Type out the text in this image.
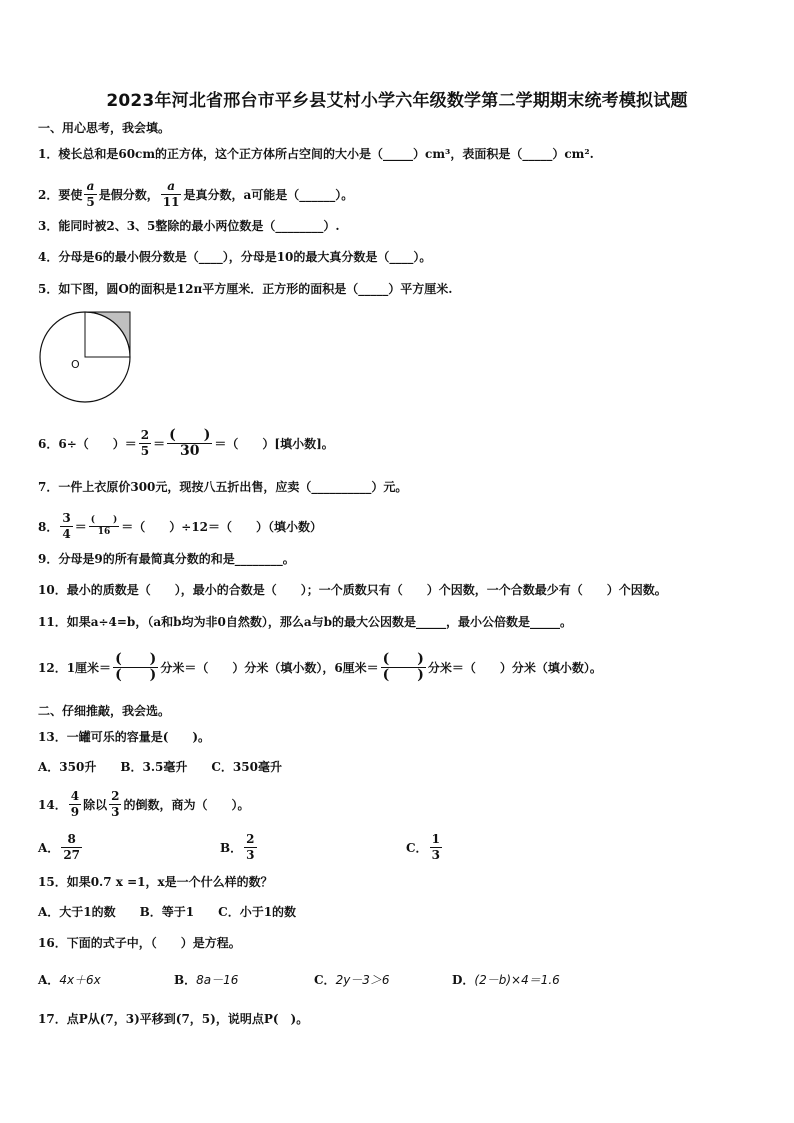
2023年河北省邢台市平乡县艾村小学六年级数学第二学期期末统考模拟试题
一、用心思考，我会填。
1．棱长总和是60cm的正方体，这个正方体所占空间的大小是（_____）cm³，表面积是（_____）cm².
2．要使 $\frac{a}{5}$ 是假分数， $\frac{a}{11}$ 是真分数，a可能是（______）。
3．能同时被2、3、5整除的最小两位数是（________）.
4．分母是6的最小假分数是（____），分母是10的最大真分数是（____）。
5．如下图，圆O的面积是12π平方厘米．正方形的面积是（_____）平方厘米.
O
6．6÷（　　）＝ $\frac{2}{5} = \frac{( )}{30}$ ＝（　　）[填小数]。
7．一件上衣原价300元，现按八五折出售，应卖（__________）元。
8． $\frac{3}{4} = \frac{( )}{16}$ ＝（　　）÷12＝（　　）（填小数）
9．分母是9的所有最简真分数的和是________。
10．最小的质数是（　　），最小的合数是（　　）；一个质数只有（　　）个因数，一个合数最少有（　　）个因数。
11．如果a÷4=b，（a和b均为非0自然数），那么a与b的最大公因数是_____，最小公倍数是_____。
12．1厘米＝ $\frac{( )}{( )}$ 分米＝（　　）分米（填小数），6厘米＝ $\frac{( )}{( )}$ 分米＝（　　）分米（填小数）。
二、仔细推敲，我会选。
13．一罐可乐的容量是(　　)。
A．350升　　B．3.5毫升　　C．350毫升
14． $\frac{4}{9}$ 除以 $\frac{2}{3}$ 的倒数，商为（　　）。
A． $\frac{8}{27}$	B． $\frac{2}{3}$	C． $\frac{1}{3}$
15．如果0.7 x =1，x是一个什么样的数？
A．大于1的数　　B．等于1　　C．小于1的数
16．下面的式子中，（　　）是方程。
A． 4x＋6x	B． 8a－16	C． 2y－3＞6	D． (2－b)×4＝1.6
17．点P从(7，3)平移到(7，5)，说明点P(　)。
